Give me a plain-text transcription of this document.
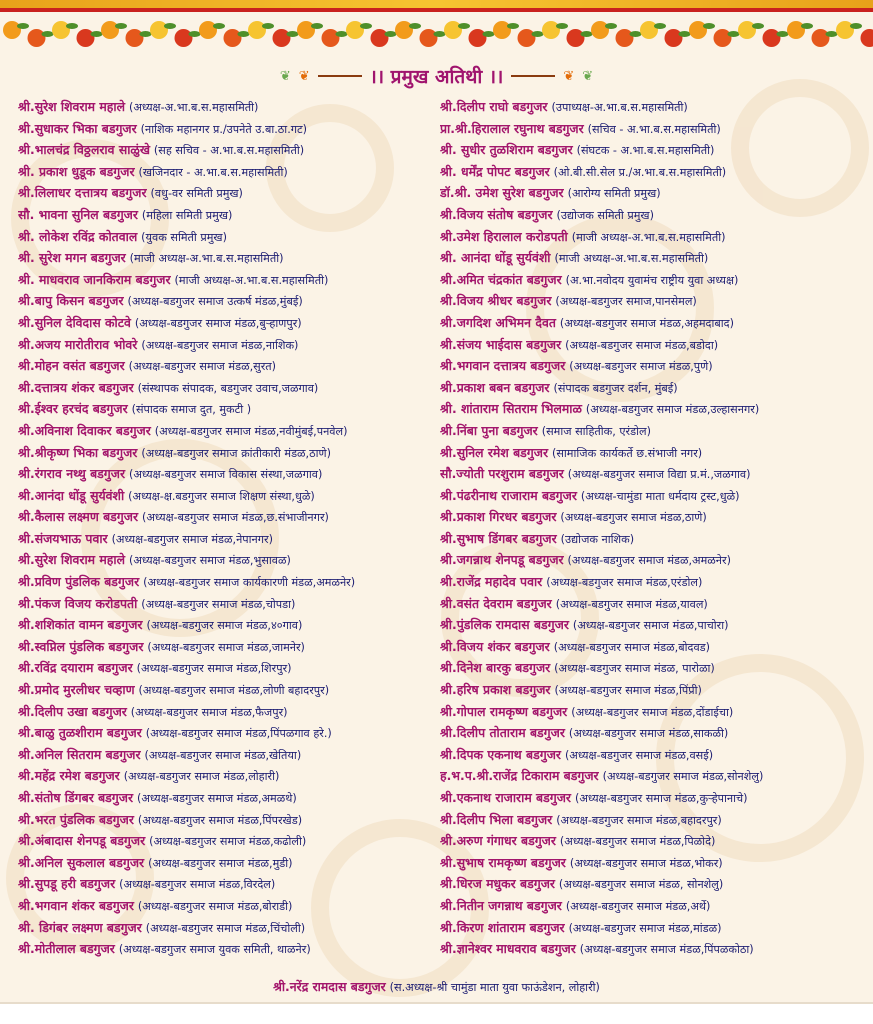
❦ ❦	।। प्रमुख अतिथी ।।	❦ ❦
श्री.सुरेश शिवराम महाले (अध्यक्ष-अ.भा.ब.स.महासमिती)
श्री.सुधाकर भिका बडगुजर (नाशिक महानगर प्र./उपनेते उ.बा.ठा.गट)
श्री.भालचंद्र विठ्ठलराव साळुंखे (सह सचिव - अ.भा.ब.स.महासमिती)
श्री. प्रकाश धुडूक बडगुजर (खजिनदार - अ.भा.ब.स.महासमिती)
श्री.लिलाधर दत्तात्रय बडगुजर (वधु-वर समिती प्रमुख)
सौ. भावना सुनिल बडगुजर (महिला समिती प्रमुख)
श्री. लोकेश रविंद्र कोतवाल (युवक समिती प्रमुख)
श्री. सुरेश मगन बडगुजर (माजी अध्यक्ष-अ.भा.ब.स.महासमिती)
श्री. माधवराव जानकिराम बडगुजर (माजी अध्यक्ष-अ.भा.ब.स.महासमिती)
श्री.बापु किसन बडगुजर (अध्यक्ष-बडगुजर समाज उत्कर्ष मंडळ,मुंबई)
श्री.सुनिल देविदास कोटवे (अध्यक्ष-बडगुजर समाज मंडळ,बुऱ्हाणपुर)
श्री.अजय मारोतीराव भोवरे (अध्यक्ष-बडगुजर समाज मंडळ,नाशिक)
श्री.मोहन वसंत बडगुजर (अध्यक्ष-बडगुजर समाज मंडळ,सुरत)
श्री.दत्तात्रय शंकर बडगुजर (संस्थापक संपादक, बडगुजर उवाच,जळगाव)
श्री.ईश्वर हरचंद बडगुजर (संपादक समाज दुत, मुकटी )
श्री.अविनाश दिवाकर बडगुजर (अध्यक्ष-बडगुजर समाज मंडळ,नवीमुंबई,पनवेल)
श्री.श्रीकृष्ण भिका बडगुजर (अध्यक्ष-बडगुजर समाज क्रांतीकारी मंडळ,ठाणे)
श्री.रंगराव नथ्थु बडगुजर (अध्यक्ष-बडगुजर समाज विकास संस्था,जळगाव)
श्री.आनंदा धोंडू सुर्यवंशी (अध्यक्ष-क्ष.बडगुजर समाज शिक्षण संस्था,धुळे)
श्री.कैलास लक्ष्मण बडगुजर (अध्यक्ष-बडगुजर समाज मंडळ,छ.संभाजीनगर)
श्री.संजयभाऊ पवार (अध्यक्ष-बडगुजर समाज मंडळ,नेपानगर)
श्री.सुरेश शिवराम महाले (अध्यक्ष-बडगुजर समाज मंडळ,भुसावळ)
श्री.प्रविण पुंडलिक बडगुजर (अध्यक्ष-बडगुजर समाज कार्यकारणी मंडळ,अमळनेर)
श्री.पंकज विजय करोडपती (अध्यक्ष-बडगुजर समाज मंडळ,चोपडा)
श्री.शशिकांत वामन बडगुजर (अध्यक्ष-बडगुजर समाज मंडळ,४०गाव)
श्री.स्वप्निल पुंडलिक बडगुजर (अध्यक्ष-बडगुजर समाज मंडळ,जामनेर)
श्री.रविंद्र दयाराम बडगुजर (अध्यक्ष-बडगुजर समाज मंडळ,शिरपुर)
श्री.प्रमोद मुरलीधर चव्हाण (अध्यक्ष-बडगुजर समाज मंडळ,लोणी बहादरपुर)
श्री.दिलीप उखा बडगुजर (अध्यक्ष-बडगुजर समाज मंडळ,फैजपुर)
श्री.बाळु तुळशीराम बडगुजर (अध्यक्ष-बडगुजर समाज मंडळ,पिंपळगाव हरे.)
श्री.अनिल सितराम बडगुजर (अध्यक्ष-बडगुजर समाज मंडळ,खेतिया)
श्री.महेंद्र रमेश बडगुजर (अध्यक्ष-बडगुजर समाज मंडळ,लोहारी)
श्री.संतोष डिंगबर बडगुजर (अध्यक्ष-बडगुजर समाज मंडळ,अमळथे)
श्री.भरत पुंडलिक बडगुजर (अध्यक्ष-बडगुजर समाज मंडळ,पिंपरखेड)
श्री.अंबादास शेनपडू बडगुजर (अध्यक्ष-बडगुजर समाज मंडळ,कढोली)
श्री.अनिल सुकलाल बडगुजर (अध्यक्ष-बडगुजर समाज मंडळ,मुडी)
श्री.सुपडू हरी बडगुजर (अध्यक्ष-बडगुजर समाज मंडळ,विरदेल)
श्री.भगवान शंकर बडगुजर (अध्यक्ष-बडगुजर समाज मंडळ,बोराडी)
श्री. डिगंबर लक्ष्मण बडगुजर (अध्यक्ष-बडगुजर समाज मंडळ,चिंचोली)
श्री.मोतीलाल बडगुजर (अध्यक्ष-बडगुजर समाज युवक समिती, थाळनेर)
श्री.दिलीप राघो बडगुजर (उपाध्यक्ष-अ.भा.ब.स.महासमिती)
प्रा.श्री.हिरालाल रघुनाथ बडगुजर (सचिव - अ.भा.ब.स.महासमिती)
श्री. सुधीर तुळशिराम बडगुजर (संघटक - अ.भा.ब.स.महासमिती)
श्री. धर्मेंद्र पोपट बडगुजर (ओ.बी.सी.सेल प्र./अ.भा.ब.स.महासमिती)
डॉ.श्री. उमेश सुरेश बडगुजर (आरोग्य समिती प्रमुख)
श्री.विजय संतोष बडगुजर (उद्योजक समिती प्रमुख)
श्री.उमेश हिरालाल करोडपती (माजी अध्यक्ष-अ.भा.ब.स.महासमिती)
श्री. आनंदा धोंडू सुर्यवंशी (माजी अध्यक्ष-अ.भा.ब.स.महासमिती)
श्री.अमित चंद्रकांत बडगुजर (अ.भा.नवोदय युवामंच राष्ट्रीय युवा अध्यक्ष)
श्री.विजय श्रीधर बडगुजर (अध्यक्ष-बडगुजर समाज,पानसेमल)
श्री.जगदिश अभिमन दैवत (अध्यक्ष-बडगुजर समाज मंडळ,अहमदाबाद)
श्री.संजय भाईदास बडगुजर (अध्यक्ष-बडगुजर समाज मंडळ,बडोदा)
श्री.भगवान दत्तात्रय बडगुजर (अध्यक्ष-बडगुजर समाज मंडळ,पुणे)
श्री.प्रकाश बबन बडगुजर (संपादक बडगुजर दर्शन, मुंबई)
श्री. शांताराम सितराम भिलमाळ (अध्यक्ष-बडगुजर समाज मंडळ,उल्हासनगर)
श्री.निंबा पुना बडगुजर (समाज साहितीक, एरंडोल)
श्री.सुनिल रमेश बडगुजर (सामाजिक कार्यकर्ते छ.संभाजी नगर)
सौ.ज्योती परशुराम बडगुजर (अध्यक्ष-बडगुजर समाज विद्या प्र.मं.,जळगाव)
श्री.पंढरीनाथ राजाराम बडगुजर (अध्यक्ष-चामुंडा माता धर्मदाय ट्रस्ट,धुळे)
श्री.प्रकाश गिरधर बडगुजर (अध्यक्ष-बडगुजर समाज मंडळ,ठाणे)
श्री.सुभाष डिंगबर बडगुजर (उद्योजक नाशिक)
श्री.जगन्नाथ शेनपडू बडगुजर (अध्यक्ष-बडगुजर समाज मंडळ,अमळनेर)
श्री.राजेंद्र महादेव पवार (अध्यक्ष-बडगुजर समाज मंडळ,एरंडोल)
श्री.वसंत देवराम बडगुजर (अध्यक्ष-बडगुजर समाज मंडळ,यावल)
श्री.पुंडलिक रामदास बडगुजर (अध्यक्ष-बडगुजर समाज मंडळ,पाचोरा)
श्री.विजय शंकर बडगुजर (अध्यक्ष-बडगुजर समाज मंडळ,बोदवड)
श्री.दिनेश बारकु बडगुजर (अध्यक्ष-बडगुजर समाज मंडळ, पारोळा)
श्री.हरिष प्रकाश बडगुजर (अध्यक्ष-बडगुजर समाज मंडळ,पिंप्री)
श्री.गोपाल रामकृष्ण बडगुजर (अध्यक्ष-बडगुजर समाज मंडळ,दोंडाईचा)
श्री.दिलीप तोताराम बडगुजर (अध्यक्ष-बडगुजर समाज मंडळ,साकळी)
श्री.दिपक एकनाथ बडगुजर (अध्यक्ष-बडगुजर समाज मंडळ,वसई)
ह.भ.प.श्री.राजेंद्र टिकाराम बडगुजर (अध्यक्ष-बडगुजर समाज मंडळ,सोनशेलु)
श्री.एकनाथ राजाराम बडगुजर (अध्यक्ष-बडगुजर समाज मंडळ,कुऱ्हेपानाचे)
श्री.दिलीप भिला बडगुजर (अध्यक्ष-बडगुजर समाज मंडळ,बहादरपुर)
श्री.अरुण गंगाधर बडगुजर (अध्यक्ष-बडगुजर समाज मंडळ,पिळोदे)
श्री.सुभाष रामकृष्ण बडगुजर (अध्यक्ष-बडगुजर समाज मंडळ,भोकर)
श्री.धिरज मधुकर बडगुजर (अध्यक्ष-बडगुजर समाज मंडळ, सोनशेलु)
श्री.नितीन जगन्नाथ बडगुजर (अध्यक्ष-बडगुजर समाज मंडळ,अर्थे)
श्री.किरण शांताराम बडगुजर (अध्यक्ष-बडगुजर समाज मंडळ,मांडळ)
श्री.ज्ञानेश्वर माधवराव बडगुजर (अध्यक्ष-बडगुजर समाज मंडळ,पिंपळकोठा)
श्री.नरेंद्र रामदास बडगुजर (स.अध्यक्ष-श्री चामुंडा माता युवा फाऊंडेशन, लोहारी)
